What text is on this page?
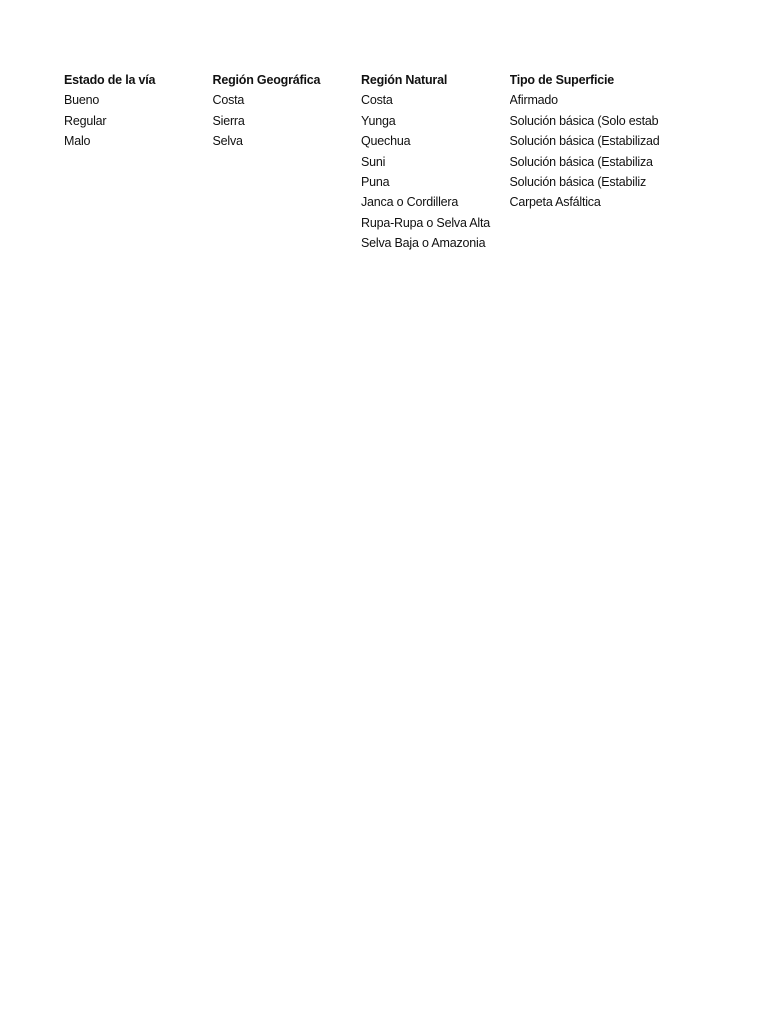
Estado de la vía
Bueno
Regular
Malo
Región Geográfica
Costa
Sierra
Selva
Región Natural
Costa
Yunga
Quechua
Suni
Puna
Janca o Cordillera
Rupa-Rupa o Selva Alta
Selva Baja o Amazonia
Tipo de Superficie
Afirmado
Solución básica (Solo estab
Solución básica (Estabilizad
Solución básica (Estabiliza
Solución básica (Estabiliz
Carpeta Asfáltica
